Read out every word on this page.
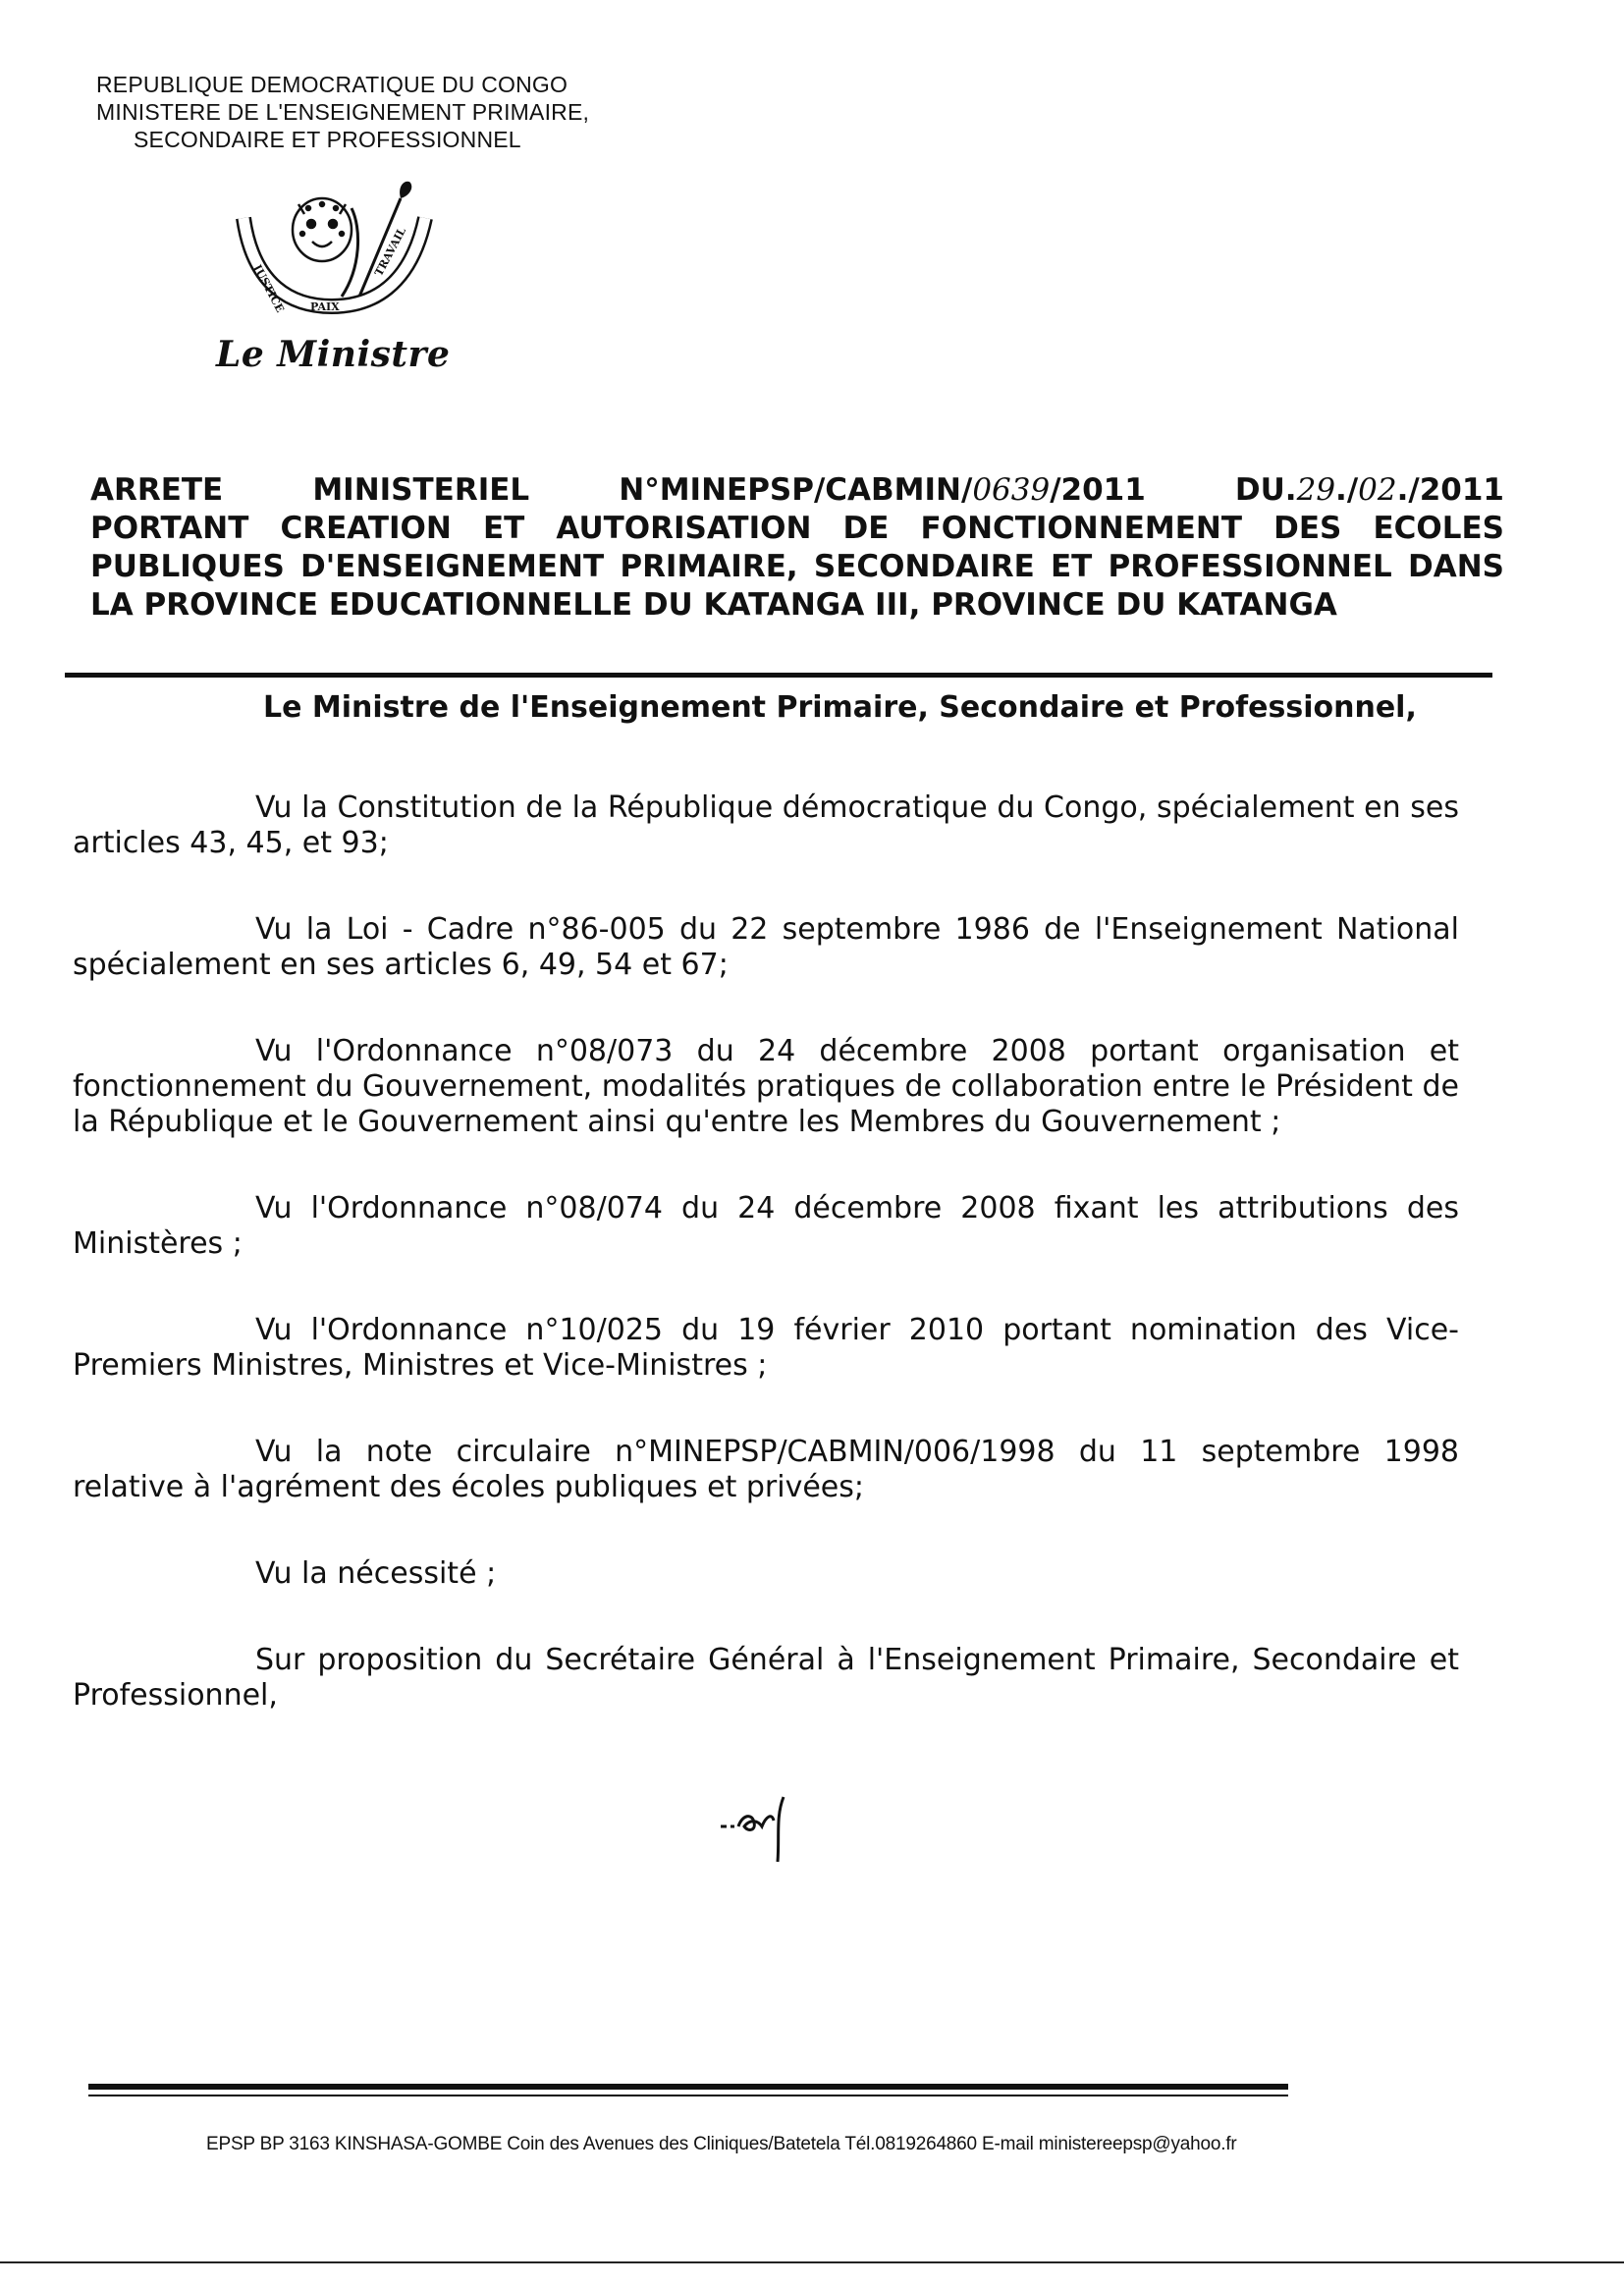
REPUBLIQUE DEMOCRATIQUE DU CONGO
MINISTERE DE L'ENSEIGNEMENT PRIMAIRE,
SECONDAIRE ET PROFESSIONNEL
JUSTICE PAIX
TRAVAIL
Le Ministre
ARRETE	MINISTERIEL	N°MINEPSP/CABMIN/0639/2011	DU.29./02./2011
PORTANT CREATION ET AUTORISATION DE FONCTIONNEMENT DES ECOLES
PUBLIQUES D'ENSEIGNEMENT PRIMAIRE, SECONDAIRE ET PROFESSIONNEL DANS
LA PROVINCE EDUCATIONNELLE DU KATANGA III, PROVINCE DU KATANGA
Le Ministre de l'Enseignement Primaire, Secondaire et Professionnel,

Vu la Constitution de la République démocratique du Congo, spécialement en ses articles 43, 45, et 93;

Vu la Loi - Cadre n°86-005 du 22 septembre 1986 de l'Enseignement National spécialement en ses articles 6, 49, 54 et 67;

Vu l'Ordonnance n°08/073 du 24 décembre 2008 portant organisation et fonctionnement du Gouvernement, modalités pratiques de collaboration entre le Président de la République et le Gouvernement ainsi qu'entre les Membres du Gouvernement ;

Vu l'Ordonnance n°08/074 du 24 décembre 2008 fixant les attributions des Ministères ;

Vu l'Ordonnance n°10/025 du 19 février 2010 portant nomination des Vice-Premiers Ministres, Ministres et Vice-Ministres ;

Vu la note circulaire n°MINEPSP/CABMIN/006/1998 du 11 septembre 1998 relative à l'agrément des écoles publiques et privées;

Vu la nécessité ;

Sur proposition du Secrétaire Général à l'Enseignement Primaire, Secondaire et Professionnel,

EPSP BP 3163 KINSHASA-GOMBE Coin des Avenues des Cliniques/Batetela Tél.0819264860 E-mail ministereepsp@yahoo.fr
